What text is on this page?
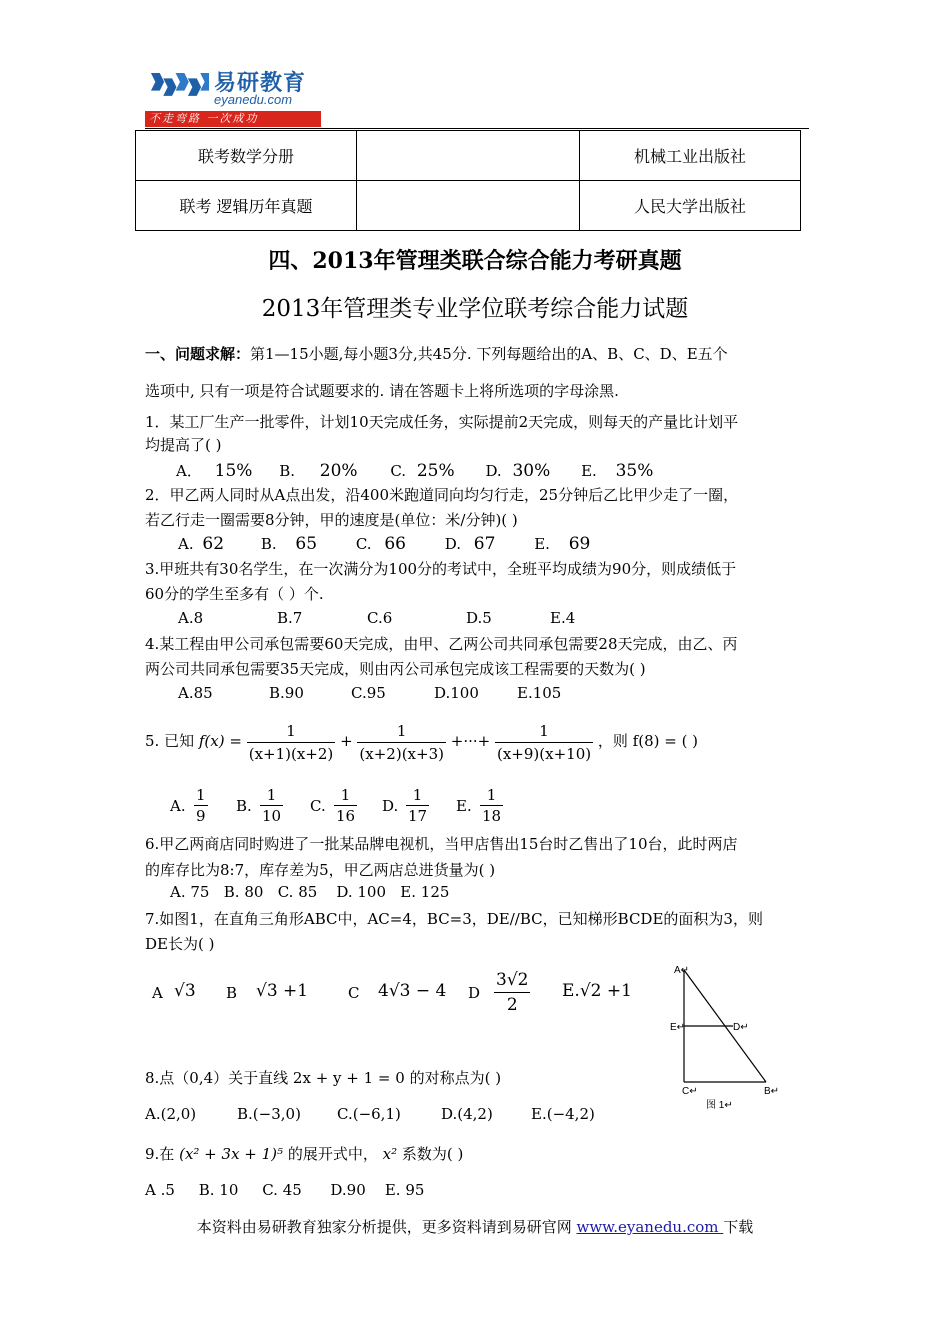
易研教育
eyanedu.com
不走弯路 一次成功
联考数学分册		机械工业出版社
联考 逻辑历年真题		人民大学出版社
四、2013年管理类联合综合能力考研真题
2013年管理类专业学位联考综合能力试题
一、问题求解：第1—15小题,每小题3分,共45分. 下列每题给出的A、B、C、D、E五个
选项中, 只有一项是符合试题要求的. 请在答题卡上将所选项的字母涂黑.
1．某工厂生产一批零件，计划10天完成任务，实际提前2天完成，则每天的产量比计划平
均提高了( )
A． 15% B. 20% C. 25% D. 30% E. 35%
2．甲乙两人同时从A点出发，沿400米跑道同向均匀行走，25分钟后乙比甲少走了一圈，
若乙行走一圈需要8分钟，甲的速度是(单位：米/分钟)( )
A. 62 B. 65	C. 66	D. 67	E. 69
3.甲班共有30名学生，在一次满分为100分的考试中，全班平均成绩为90分，则成绩低于
60分的学生至多有（ ）个.
A.8	B.7	C.6	D.5	E.4
4.某工程由甲公司承包需要60天完成，由甲、乙两公司共同承包需要28天完成，由乙、丙
两公司共同承包需要35天完成，则由丙公司承包完成该工程需要的天数为( )
A.85	B.90	C.95	D.100	E.105
5. 已知 $f(x) = \frac{1}{(x+1)(x+2)} + \frac{1}{(x+2)(x+3)}$ +···+ $\frac{1}{(x+9)(x+10)}$ ，则 f(8) = ( )
A. $\frac{1}{9} B$. $\frac{1}{10} C$. $\frac{1}{16} D$. $\frac{1}{17} E$. $\frac{1}{18}$
6.甲乙两商店同时购进了一批某品牌电视机，当甲店售出15台时乙售出了10台，此时两店
的库存比为8:7，库存差为5，甲乙两店总进货量为( )
A. 75   B. 80   C. 85    D. 100   E. 125
7.如图1，在直角三角形ABC中，AC=4，BC=3，DE//BC，已知梯形BCDE的面积为3，则
DE长为( )
A √3 B √3 +1	C 4√3 − 4 D $\frac{3√2}{2} E.√2 +1$
A↵
E↵	D↵
C↵	B↵
图 1↵
8.点（0,4）关于直线 2x + y + 1 = 0 的对称点为( )
A.(2,0)	B.(−3,0) C.(−6,1)	D.(4,2)	E.(−4,2)
9.在 (x² + 3x + 1)⁵ 的展开式中， x² 系数为( )
A .5     B. 10     C. 45      D.90    E. 95
本资料由易研教育独家分析提供，更多资料请到易研官网 www.eyanedu.com 下载
